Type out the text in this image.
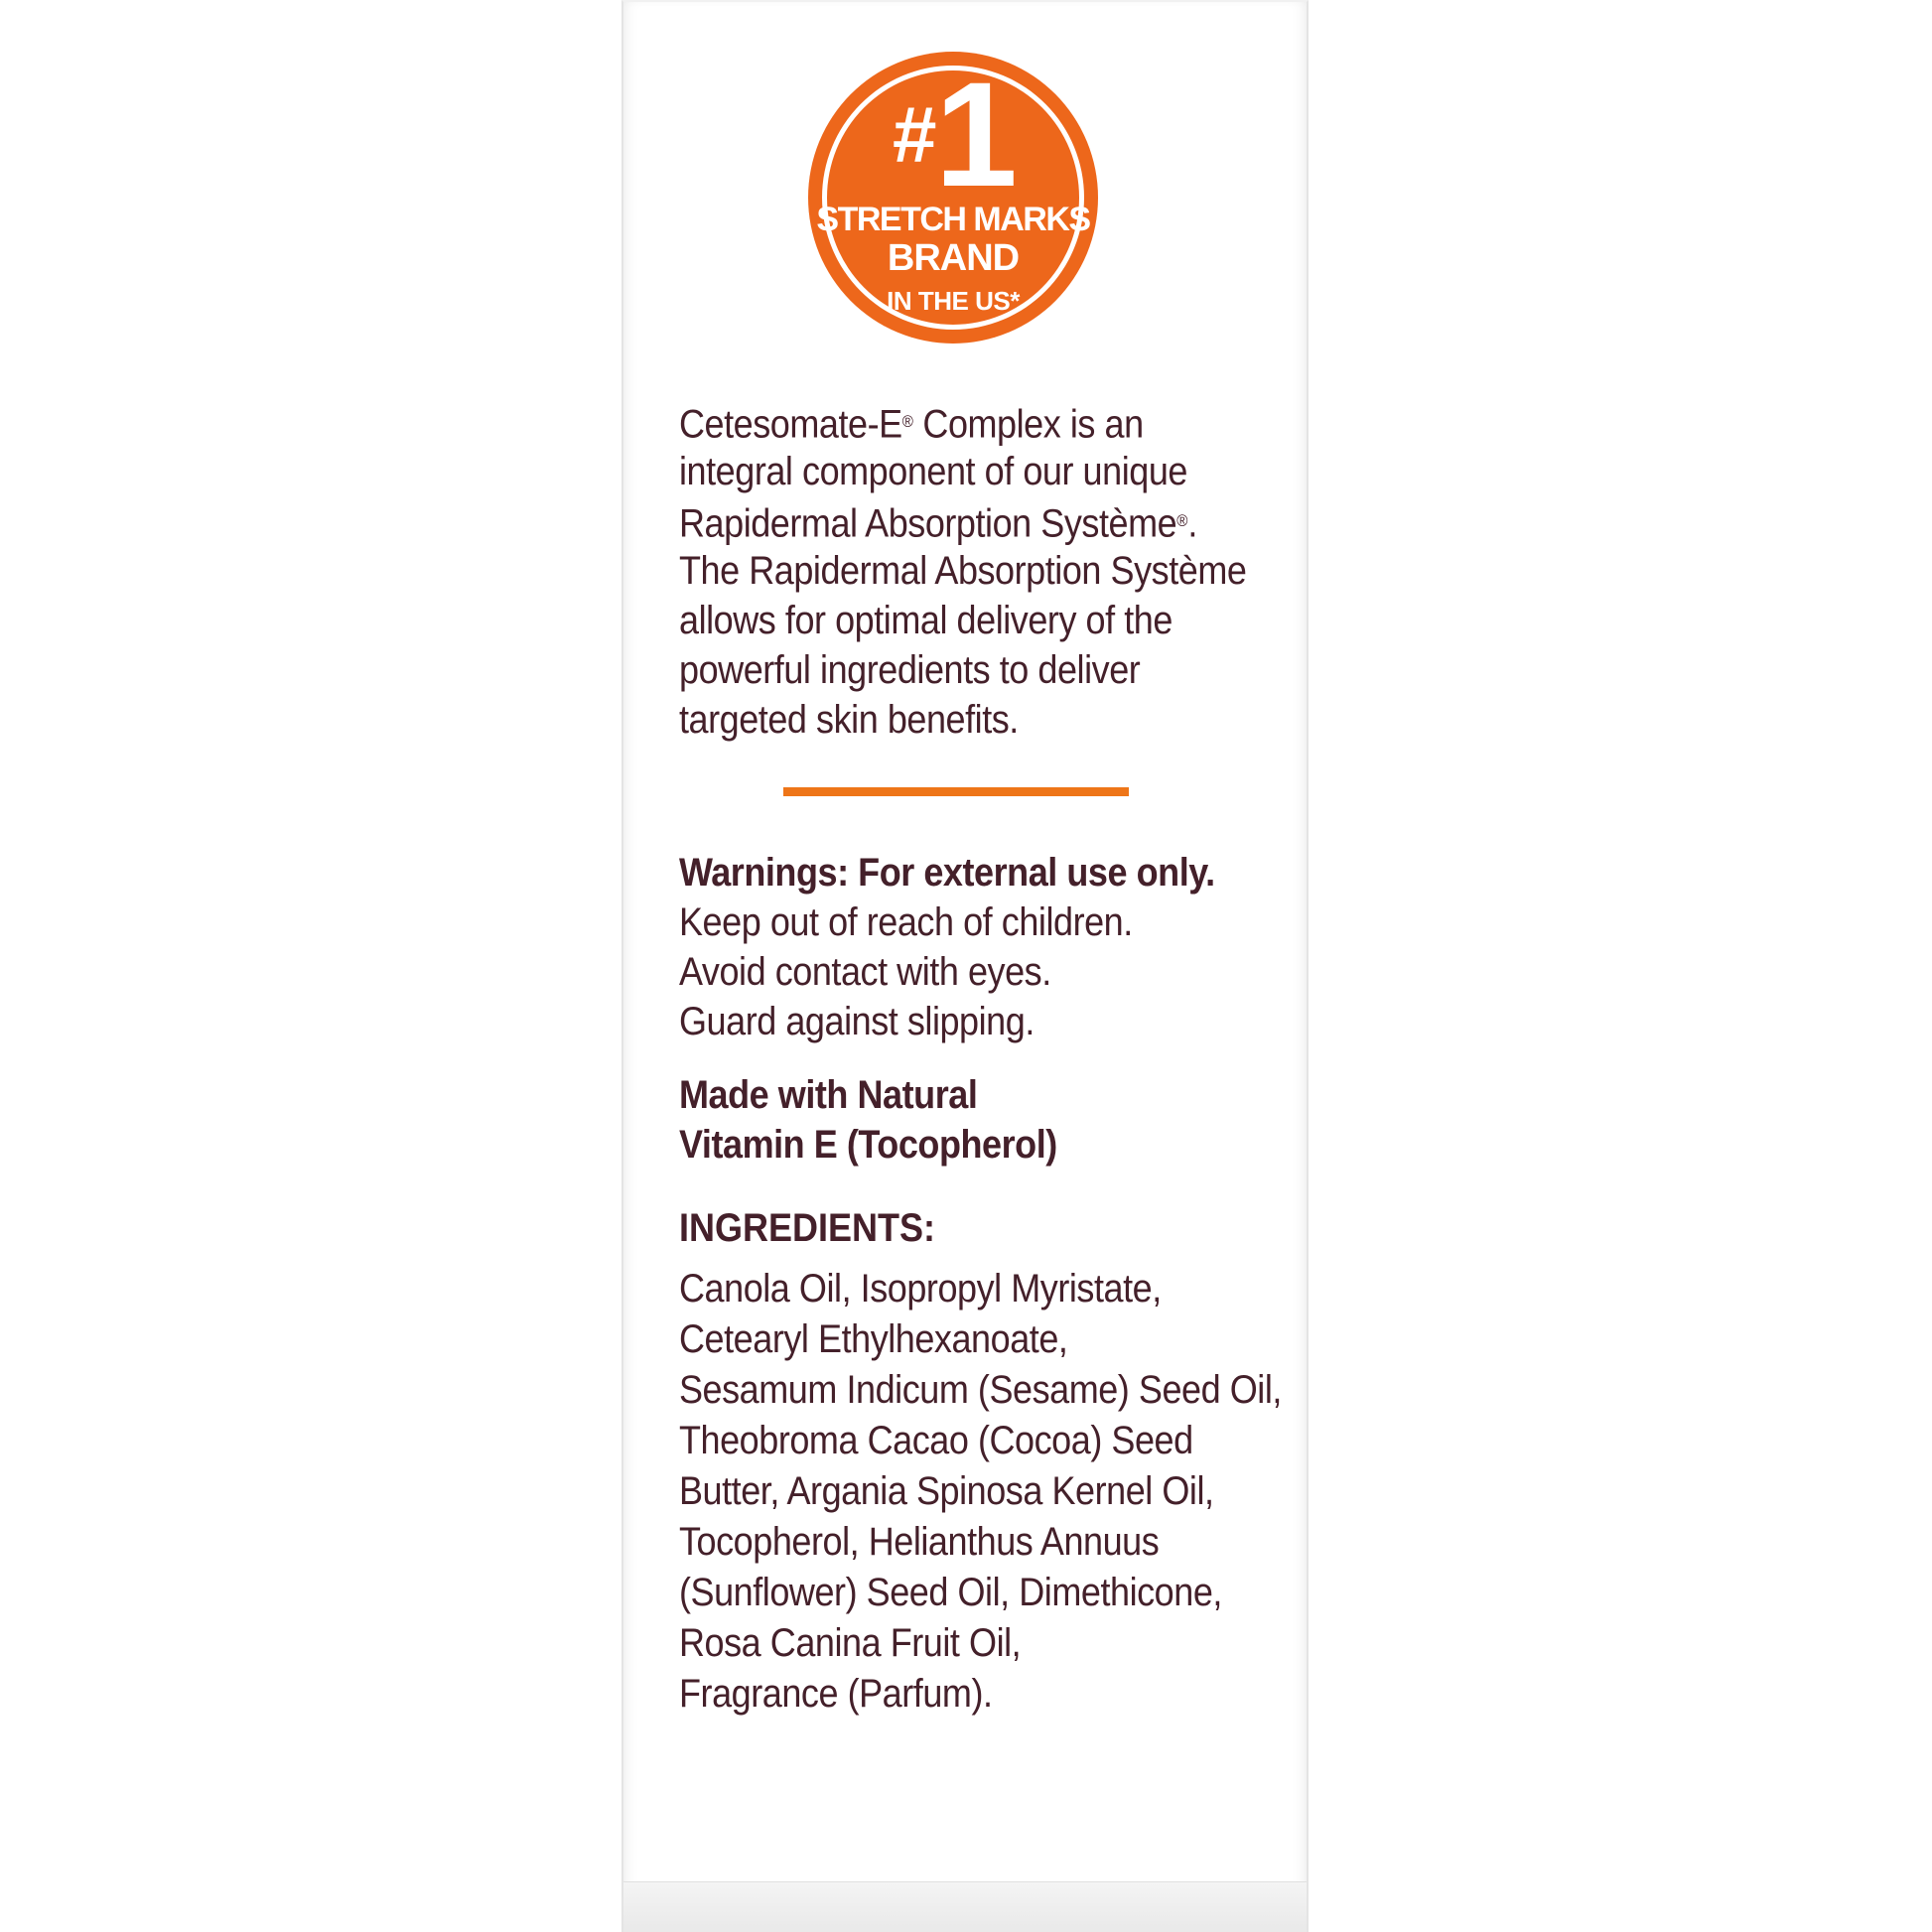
# 1
STRETCH MARKS
BRAND
IN THE US*
Cetesomate-E® Complex is an
integral component of our unique
Rapidermal Absorption Système®.
The Rapidermal Absorption Système
allows for optimal delivery of the
powerful ingredients to deliver
targeted skin benefits.
Warnings: For external use only.
Keep out of reach of children.
Avoid contact with eyes.
Guard against slipping.
Made with Natural
Vitamin E (Tocopherol)
INGREDIENTS:
Canola Oil, Isopropyl Myristate,
Cetearyl Ethylhexanoate,
Sesamum Indicum (Sesame) Seed Oil,
Theobroma Cacao (Cocoa) Seed
Butter, Argania Spinosa Kernel Oil,
Tocopherol, Helianthus Annuus
(Sunflower) Seed Oil, Dimethicone,
Rosa Canina Fruit Oil,
Fragrance (Parfum).
